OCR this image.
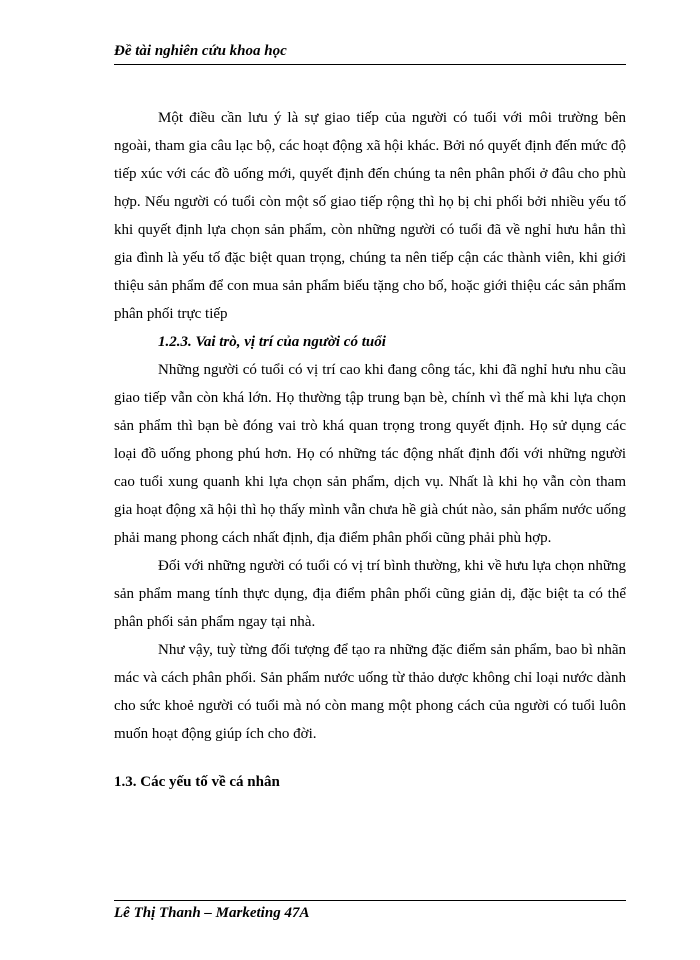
Đề tài nghiên cứu khoa học

Một điều cần lưu ý là sự giao tiếp của người có tuổi với môi trường bên ngoài, tham gia câu lạc bộ, các hoạt động xã hội khác. Bởi nó quyết định đến mức độ tiếp xúc với các đồ uống mới, quyết định đến chúng ta nên phân phối ở đâu cho phù hợp. Nếu người có tuổi còn một số giao tiếp rộng thì họ bị chi phối bởi nhiều yếu tố khi quyết định lựa chọn sản phẩm, còn những người có tuổi đã về nghỉ hưu hẳn thì gia đình là yếu tố đặc biệt quan trọng, chúng ta nên tiếp cận các thành viên, khi giới thiệu sản phẩm để con mua sản phẩm biếu tặng cho bố, hoặc giới thiệu các sản phẩm phân phối trực tiếp

1.2.3. Vai trò, vị trí của người có tuổi

Những người có tuổi có vị trí cao khi đang công tác, khi đã nghỉ hưu nhu cầu giao tiếp vẫn còn khá lớn. Họ thường tập trung bạn bè, chính vì thế mà khi lựa chọn sản phẩm thì bạn bè đóng vai trò khá quan trọng trong quyết định. Họ sử dụng các loại đồ uống phong phú hơn. Họ có những tác động nhất định đối với những người cao tuổi xung quanh khi lựa chọn sản phẩm, dịch vụ. Nhất là khi họ vẫn còn tham gia hoạt động xã hội thì họ thấy mình vẫn chưa hề già chút nào, sản phẩm nước uống phải mang phong cách nhất định, địa điểm phân phối cũng phải phù hợp.

Đối với những người có tuổi có vị trí bình thường, khi về hưu lựa chọn những sản phẩm mang tính thực dụng, địa điểm phân phối cũng giản dị, đặc biệt ta có thể phân phối sản phẩm ngay tại nhà.

Như vậy, tuỳ từng đối tượng để tạo ra những đặc điểm sản phẩm, bao bì nhãn mác và cách phân phối. Sản phẩm nước uống từ thảo dược không chỉ loại nước dành cho sức khoẻ người có tuổi mà nó còn mang một phong cách của người có tuổi luôn muốn hoạt động giúp ích cho đời.

1.3. Các yếu tố về cá nhân

Lê Thị Thanh – Marketing 47A
